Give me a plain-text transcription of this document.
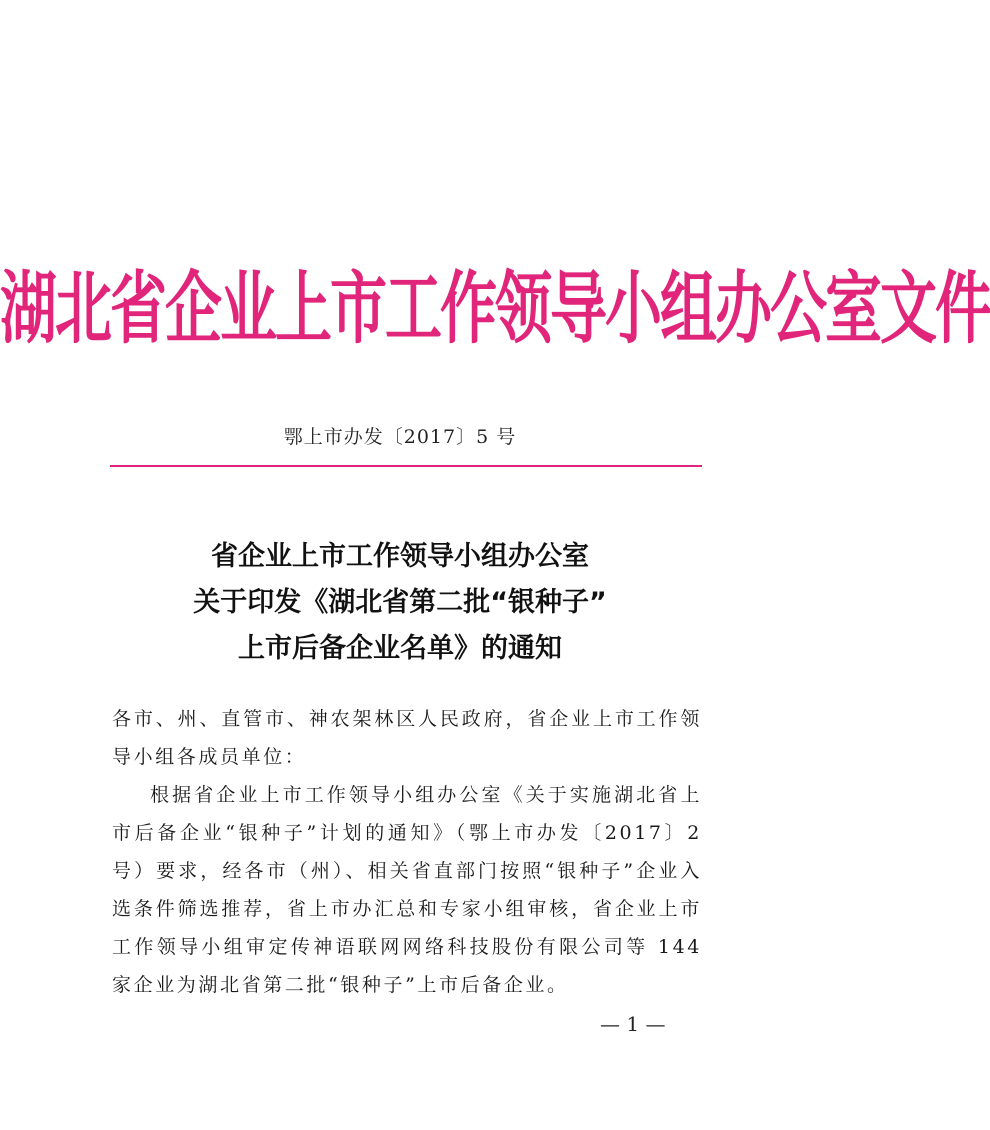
湖北省企业上市工作领导小组办公室文件
鄂上市办发〔2017〕5 号
省企业上市工作领导小组办公室
关于印发《湖北省第二批“银种子”
上市后备企业名单》的通知

各市、州、直管市、神农架林区人民政府，省企业上市工作领导小组各成员单位：

根据省企业上市工作领导小组办公室《关于实施湖北省上市后备企业“银种子”计划的通知》（鄂上市办发〔2017〕2 号）要求，经各市（州）、相关省直部门按照“银种子”企业入选条件筛选推荐，省上市办汇总和专家小组审核，省企业上市工作领导小组审定传神语联网网络科技股份有限公司等 144 家企业为湖北省第二批“银种子”上市后备企业。

— 1 —
